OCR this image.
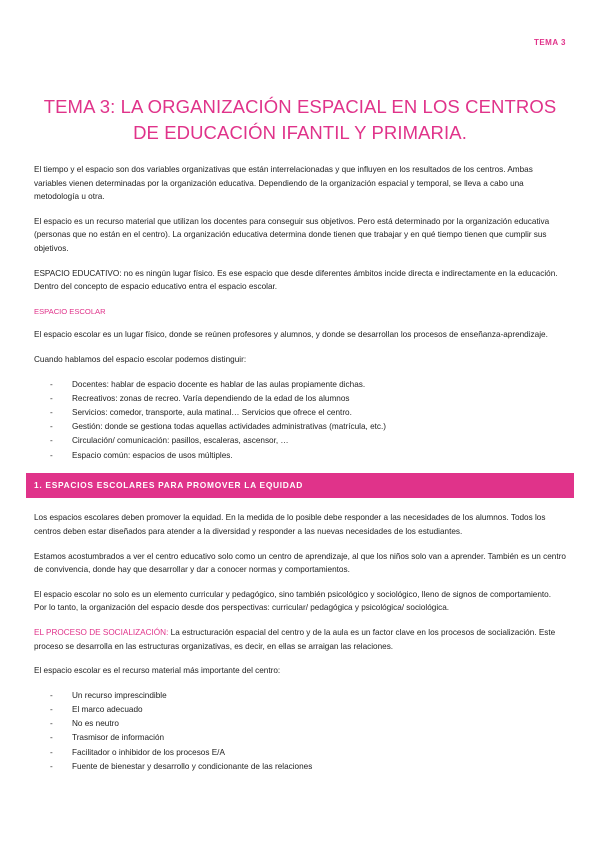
TEMA 3
TEMA 3: LA ORGANIZACIÓN ESPACIAL EN LOS CENTROS DE EDUCACIÓN IFANTIL Y PRIMARIA.

El tiempo y el espacio son dos variables organizativas que están interrelacionadas y que influyen en los resultados de los centros. Ambas variables vienen determinadas por la organización educativa. Dependiendo de la organización espacial y temporal, se lleva a cabo una metodología u otra.

El espacio es un recurso material que utilizan los docentes para conseguir sus objetivos. Pero está determinado por la organización educativa (personas que no están en el centro). La organización educativa determina donde tienen que trabajar y en qué tiempo tienen que cumplir sus objetivos.

ESPACIO EDUCATIVO: no es ningún lugar físico. Es ese espacio que desde diferentes ámbitos incide directa e indirectamente en la educación. Dentro del concepto de espacio educativo entra el espacio escolar.

ESPACIO ESCOLAR

El espacio escolar es un lugar físico, donde se reúnen profesores y alumnos, y donde se desarrollan los procesos de enseñanza-aprendizaje.

Cuando hablamos del espacio escolar podemos distinguir:

- Docentes: hablar de espacio docente es hablar de las aulas propiamente dichas.
- Recreativos: zonas de recreo. Varía dependiendo de la edad de los alumnos
- Servicios: comedor, transporte, aula matinal… Servicios que ofrece el centro.
- Gestión: donde se gestiona todas aquellas actividades administrativas (matrícula, etc.)
- Circulación/ comunicación: pasillos, escaleras, ascensor, …
- Espacio común: espacios de usos múltiples.
1. ESPACIOS ESCOLARES PARA PROMOVER LA EQUIDAD

Los espacios escolares deben promover la equidad. En la medida de lo posible debe responder a las necesidades de los alumnos. Todos los centros deben estar diseñados para atender a la diversidad y responder a las nuevas necesidades de los estudiantes.

Estamos acostumbrados a ver el centro educativo solo como un centro de aprendizaje, al que los niños solo van a aprender. También es un centro de convivencia, donde hay que desarrollar y dar a conocer normas y comportamientos.

El espacio escolar no solo es un elemento curricular y pedagógico, sino también psicológico y sociológico, lleno de signos de comportamiento. Por lo tanto, la organización del espacio desde dos perspectivas: curricular/ pedagógica y psicológica/ sociológica.

EL PROCESO DE SOCIALIZACIÓN: La estructuración espacial del centro y de la aula es un factor clave en los procesos de socialización. Este proceso se desarrolla en las estructuras organizativas, es decir, en ellas se arraigan las relaciones.

El espacio escolar es el recurso material más importante del centro:

- Un recurso imprescindible
- El marco adecuado
- No es neutro
- Trasmisor de información
- Facilitador o inhibidor de los procesos E/A
- Fuente de bienestar y desarrollo y condicionante de las relaciones
